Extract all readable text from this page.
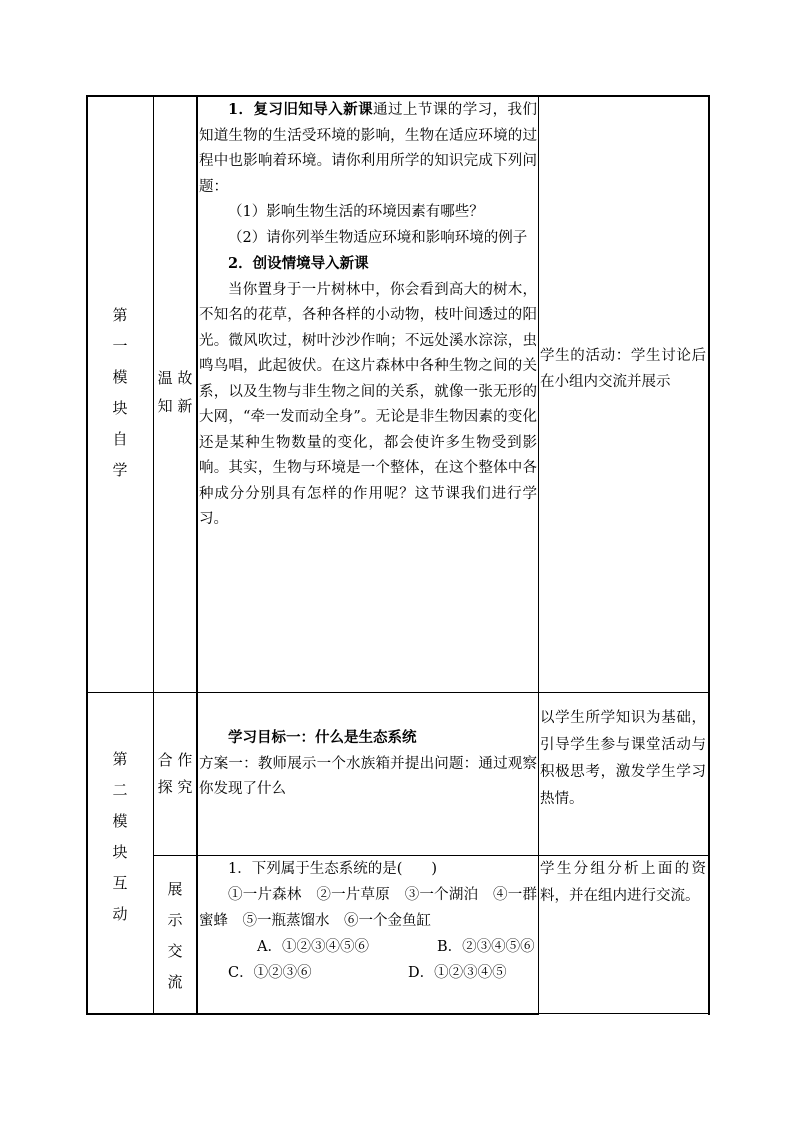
第
一
模
块
自
学
温 故
知 新

1．复习旧知导入新课通过上节课的学习，我们知道生物的生活受环境的影响，生物在适应环境的过程中也影响着环境。请你利用所学的知识完成下列问题：

（1）影响生物生活的环境因素有哪些？

（2）请你列举生物适应环境和影响环境的例子

2．创设情境导入新课

当你置身于一片树林中，你会看到高大的树木，不知名的花草，各种各样的小动物，枝叶间透过的阳光。微风吹过，树叶沙沙作响；不远处溪水淙淙，虫鸣鸟唱，此起彼伏。在这片森林中各种生物之间的关系，以及生物与非生物之间的关系，就像一张无形的大网，“牵一发而动全身”。无论是非生物因素的变化还是某种生物数量的变化，都会使许多生物受到影响。其实，生物与环境是一个整体，在这个整体中各种成分分别具有怎样的作用呢？这节课我们进行学习。

学生的活动：学生讨论后在小组内交流并展示

第
二
模
块
互
动
合 作
探 究

学习目标一：什么是生态系统

方案一：教师展示一个水族箱并提出问题：通过观察你发现了什么

以学生所学知识为基础，引导学生参与课堂活动与积极思考，激发学生学习热情。

展
示
交
流

1．下列属于生态系统的是(　　)

①一片森林　②一片草原　③一个湖泊　④一群蜜蜂　⑤一瓶蒸馏水　⑥一个金鱼缸

A．①②③④⑤⑥	B．②③④⑤⑥
C．①②③⑥	D．①②③④⑤

学生分组分析上面的资料，并在组内进行交流。
